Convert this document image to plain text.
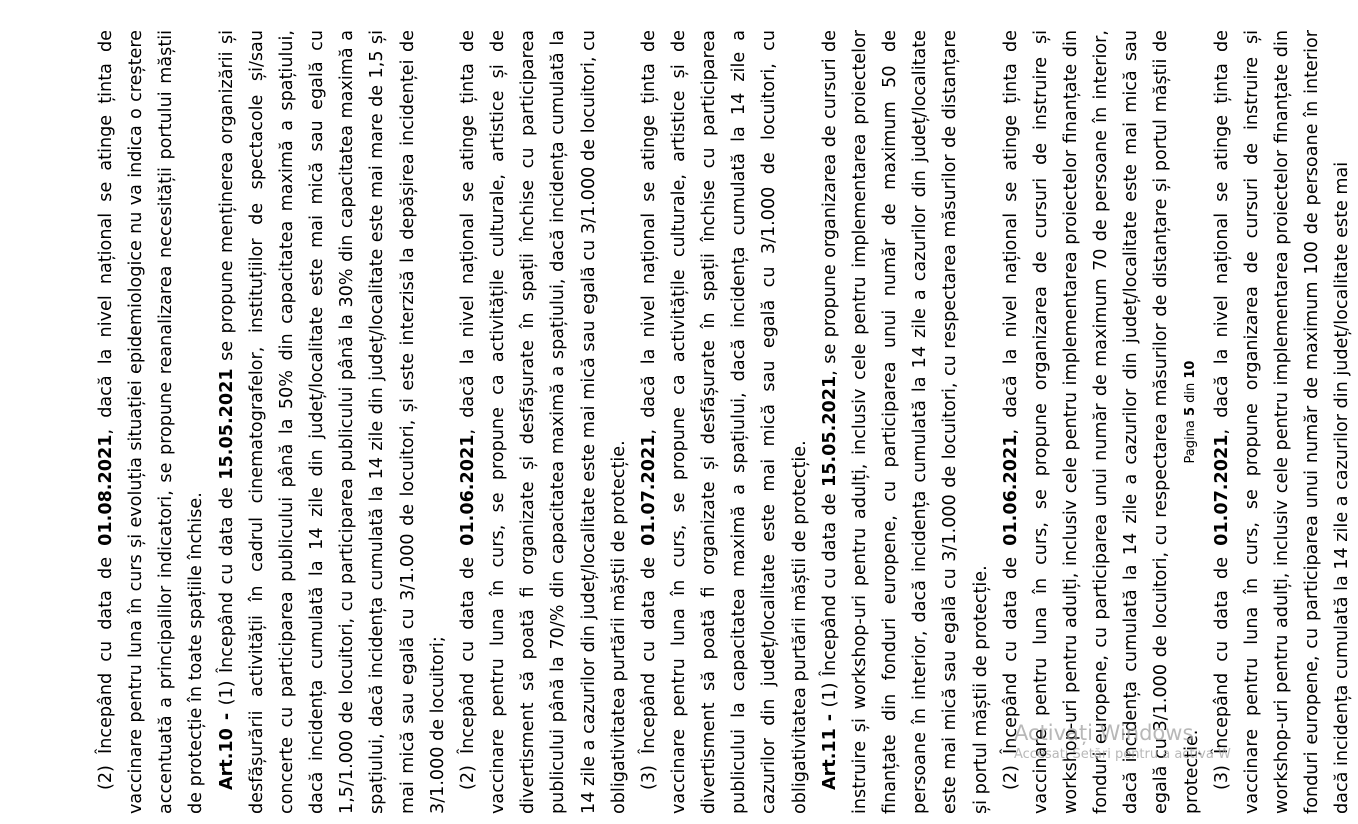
(2) Începând cu data de 01.08.2021, dacă la nivel național se atinge ținta de vaccinare pentru luna în curs și evoluția situației epidemiologice nu va indica o creștere accentuată a principalilor indicatori, se propune reanalizarea necesității portului măștii de protecție în toate spațiile închise. Art.10 - (1) Începând cu data de 15.05.2021 se propune menținerea organizării și desfășurării activității în cadrul cinematografelor, instituțiilor de spectacole și/sau concerte cu participarea publicului până la 50% din capacitatea maximă a spațiului, dacă incidența cumulată la 14 zile din județ/localitate este mai mică sau egală cu 1,5/1.000 de locuitori, cu participarea publicului până la 30% din capacitatea maximă a spațiului, dacă incidența cumulată la 14 zile din județ/localitate este mai mare de 1,5 și mai mică sau egală cu 3/1.000 de locuitori, și este interzisă la depășirea incidenței de 3/1.000 de locuitori; (2) Începând cu data de 01.06.2021, dacă la nivel național se atinge ținta de vaccinare pentru luna în curs, se propune ca activitățile culturale, artistice și de divertisment să poată fi organizate și desfășurate în spații închise cu participarea publicului până la 70/% din capacitatea maximă a spațiului, dacă incidența cumulată la 14 zile a cazurilor din județ/localitate este mai mică sau egală cu 3/1.000 de locuitori, cu obligativitatea purtării măștii de protecție. (3) Începând cu data de 01.07.2021, dacă la nivel național se atinge ținta de vaccinare pentru luna în curs, se propune ca activitățile culturale, artistice și de divertisment să poată fi organizate și desfășurate în spații închise cu participarea publicului la capacitatea maximă a spațiului, dacă incidența cumulată la 14 zile a cazurilor din județ/localitate este mai mică sau egală cu 3/1.000 de locuitori, cu obligativitatea purtării măștii de protecție. Art.11 - (1) Începând cu data de 15.05.2021, se propune organizarea de cursuri de instruire și workshop-uri pentru adulți, inclusiv cele pentru implementarea proiectelor finanțate din fonduri europene, cu participarea unui număr de maximum 50 de persoane în interior, dacă incidența cumulată la 14 zile a cazurilor din județ/localitate este mai mică sau egală cu 3/1.000 de locuitori, cu respectarea măsurilor de distanțare și portul măștii de protecție. (2) Începând cu data de 01.06.2021, dacă la nivel național se atinge ținta de vaccinare pentru luna în curs, se propune organizarea de cursuri de instruire și workshop-uri pentru adulți, inclusiv cele pentru implementarea proiectelor finanțate din fonduri europene, cu participarea unui număr de maximum 70 de persoane în interior, dacă incidența cumulată la 14 zile a cazurilor din județ/localitate este mai mică sau egală cu 3/1.000 de locuitori, cu respectarea măsurilor de distanțare și portul măștii de protecție. (3) Începând cu data de 01.07.2021, dacă la nivel național se atinge ținta de vaccinare pentru luna în curs, se propune organizarea de cursuri de instruire și workshop-uri pentru adulți, inclusiv cele pentru implementarea proiectelor finanțate din fonduri europene, cu participarea unui număr de maximum 100 de persoane în interior dacă incidența cumulată la 14 zile a cazurilor din județ/localitate este mai

Pagina 5 din 10
Activați Windows
Accesați Setări pentru a activa W
